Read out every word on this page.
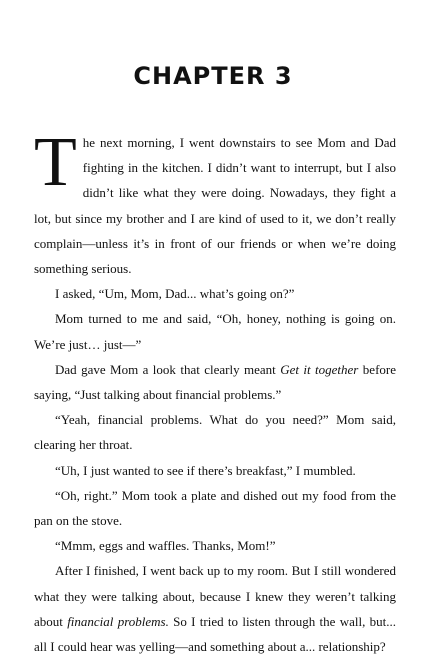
CHAPTER 3

The next morning, I went downstairs to see Mom and Dad fighting in the kitchen. I didn’t want to interrupt, but I also didn’t like what they were doing. Nowadays, they fight a lot, but since my brother and I are kind of used to it, we don’t really complain—unless it’s in front of our friends or when we’re doing something serious.

I asked, “Um, Mom, Dad... what’s going on?”

Mom turned to me and said, “Oh, honey, nothing is going on. We’re just… just—”

Dad gave Mom a look that clearly meant Get it together before saying, “Just talking about financial problems.”

“Yeah, financial problems. What do you need?” Mom said, clearing her throat.

“Uh, I just wanted to see if there’s breakfast,” I mumbled.

“Oh, right.” Mom took a plate and dished out my food from the pan on the stove.

“Mmm, eggs and waffles. Thanks, Mom!”

After I finished, I went back up to my room. But I still wondered what they were talking about, because I knew they weren’t talking about financial problems. So I tried to listen through the wall, but... all I could hear was yelling—and something about a... relationship?
